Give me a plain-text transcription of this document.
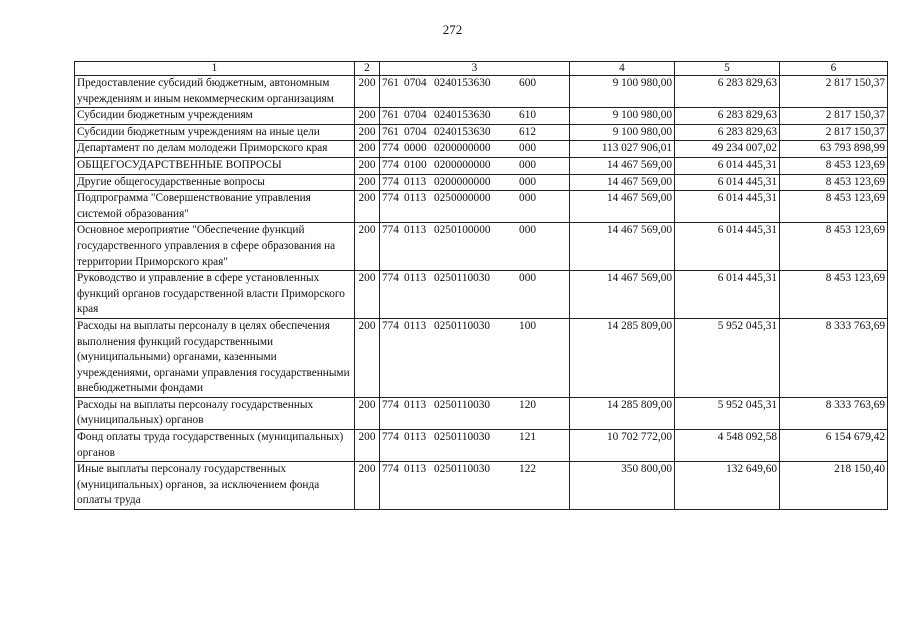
272
1	2	3	4	5	6
Предоставление субсидий бюджетным, автономным учреждениям и иным некоммерческим организациям	200	761 0704 0240153630 600	9 100 980,00	6 283 829,63	2 817 150,37
Субсидии бюджетным учреждениям	200	761 0704 0240153630 610	9 100 980,00	6 283 829,63	2 817 150,37
Субсидии бюджетным учреждениям на иные цели	200	761 0704 0240153630 612	9 100 980,00	6 283 829,63	2 817 150,37
Департамент по делам молодежи Приморского края	200	774 0000 0200000000 000	113 027 906,01	49 234 007,02	63 793 898,99
ОБЩЕГОСУДАРСТВЕННЫЕ ВОПРОСЫ	200	774 0100 0200000000 000	14 467 569,00	6 014 445,31	8 453 123,69
Другие общегосударственные вопросы	200	774 0113 0200000000 000	14 467 569,00	6 014 445,31	8 453 123,69
Подпрограмма "Совершенствование управления системой образования"	200	774 0113 0250000000 000	14 467 569,00	6 014 445,31	8 453 123,69
Основное мероприятие "Обеспечение функций государственного управления в сфере образования на территории Приморского края"	200	774 0113 0250100000 000	14 467 569,00	6 014 445,31	8 453 123,69
Руководство и управление в сфере установленных функций органов государственной власти Приморского края	200	774 0113 0250110030 000	14 467 569,00	6 014 445,31	8 453 123,69
Расходы на выплаты персоналу в целях обеспечения выполнения функций государственными (муниципальными) органами, казенными учреждениями, органами управления государственными внебюджетными фондами	200	774 0113 0250110030 100	14 285 809,00	5 952 045,31	8 333 763,69
Расходы на выплаты персоналу государственных (муниципальных) органов	200	774 0113 0250110030 120	14 285 809,00	5 952 045,31	8 333 763,69
Фонд оплаты труда государственных (муниципальных) органов	200	774 0113 0250110030 121	10 702 772,00	4 548 092,58	6 154 679,42
Иные выплаты персоналу государственных (муниципальных) органов, за исключением фонда оплаты труда	200	774 0113 0250110030 122	350 800,00	132 649,60	218 150,40
